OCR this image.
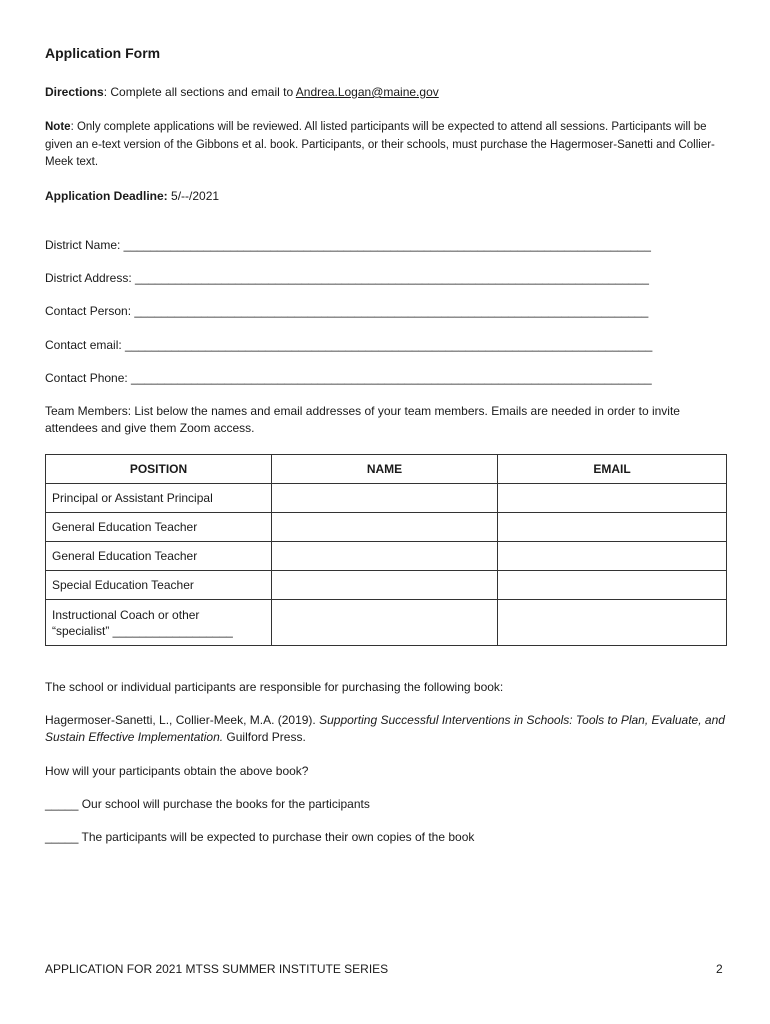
Application Form
Directions: Complete all sections and email to Andrea.Logan@maine.gov
Note: Only complete applications will be reviewed. All listed participants will be expected to attend all sessions. Participants will be given an e-text version of the Gibbons et al. book. Participants, or their schools, must purchase the Hagermoser-Sanetti and Collier-Meek text.
Application Deadline: 5/--/2021
District Name: _______________________________________________________________________________
District Address: _____________________________________________________________________________
Contact Person: _____________________________________________________________________________
Contact email: _______________________________________________________________________________
Contact Phone: ______________________________________________________________________________
Team Members: List below the names and email addresses of your team members. Emails are needed in order to invite attendees and give them Zoom access.
POSITION	NAME	EMAIL
Principal or Assistant Principal		
General Education Teacher		
General Education Teacher		
Special Education Teacher		

Instructional Coach or other
“specialist” __________________		

The school or individual participants are responsible for purchasing the following book:
Hagermoser-Sanetti, L., Collier-Meek, M.A. (2019). Supporting Successful Interventions in Schools: Tools to Plan, Evaluate, and Sustain Effective Implementation. Guilford Press.
How will your participants obtain the above book?
_____ Our school will purchase the books for the participants
_____ The participants will be expected to purchase their own copies of the book
APPLICATION FOR 2021 MTSS SUMMER INSTITUTE SERIES	2
